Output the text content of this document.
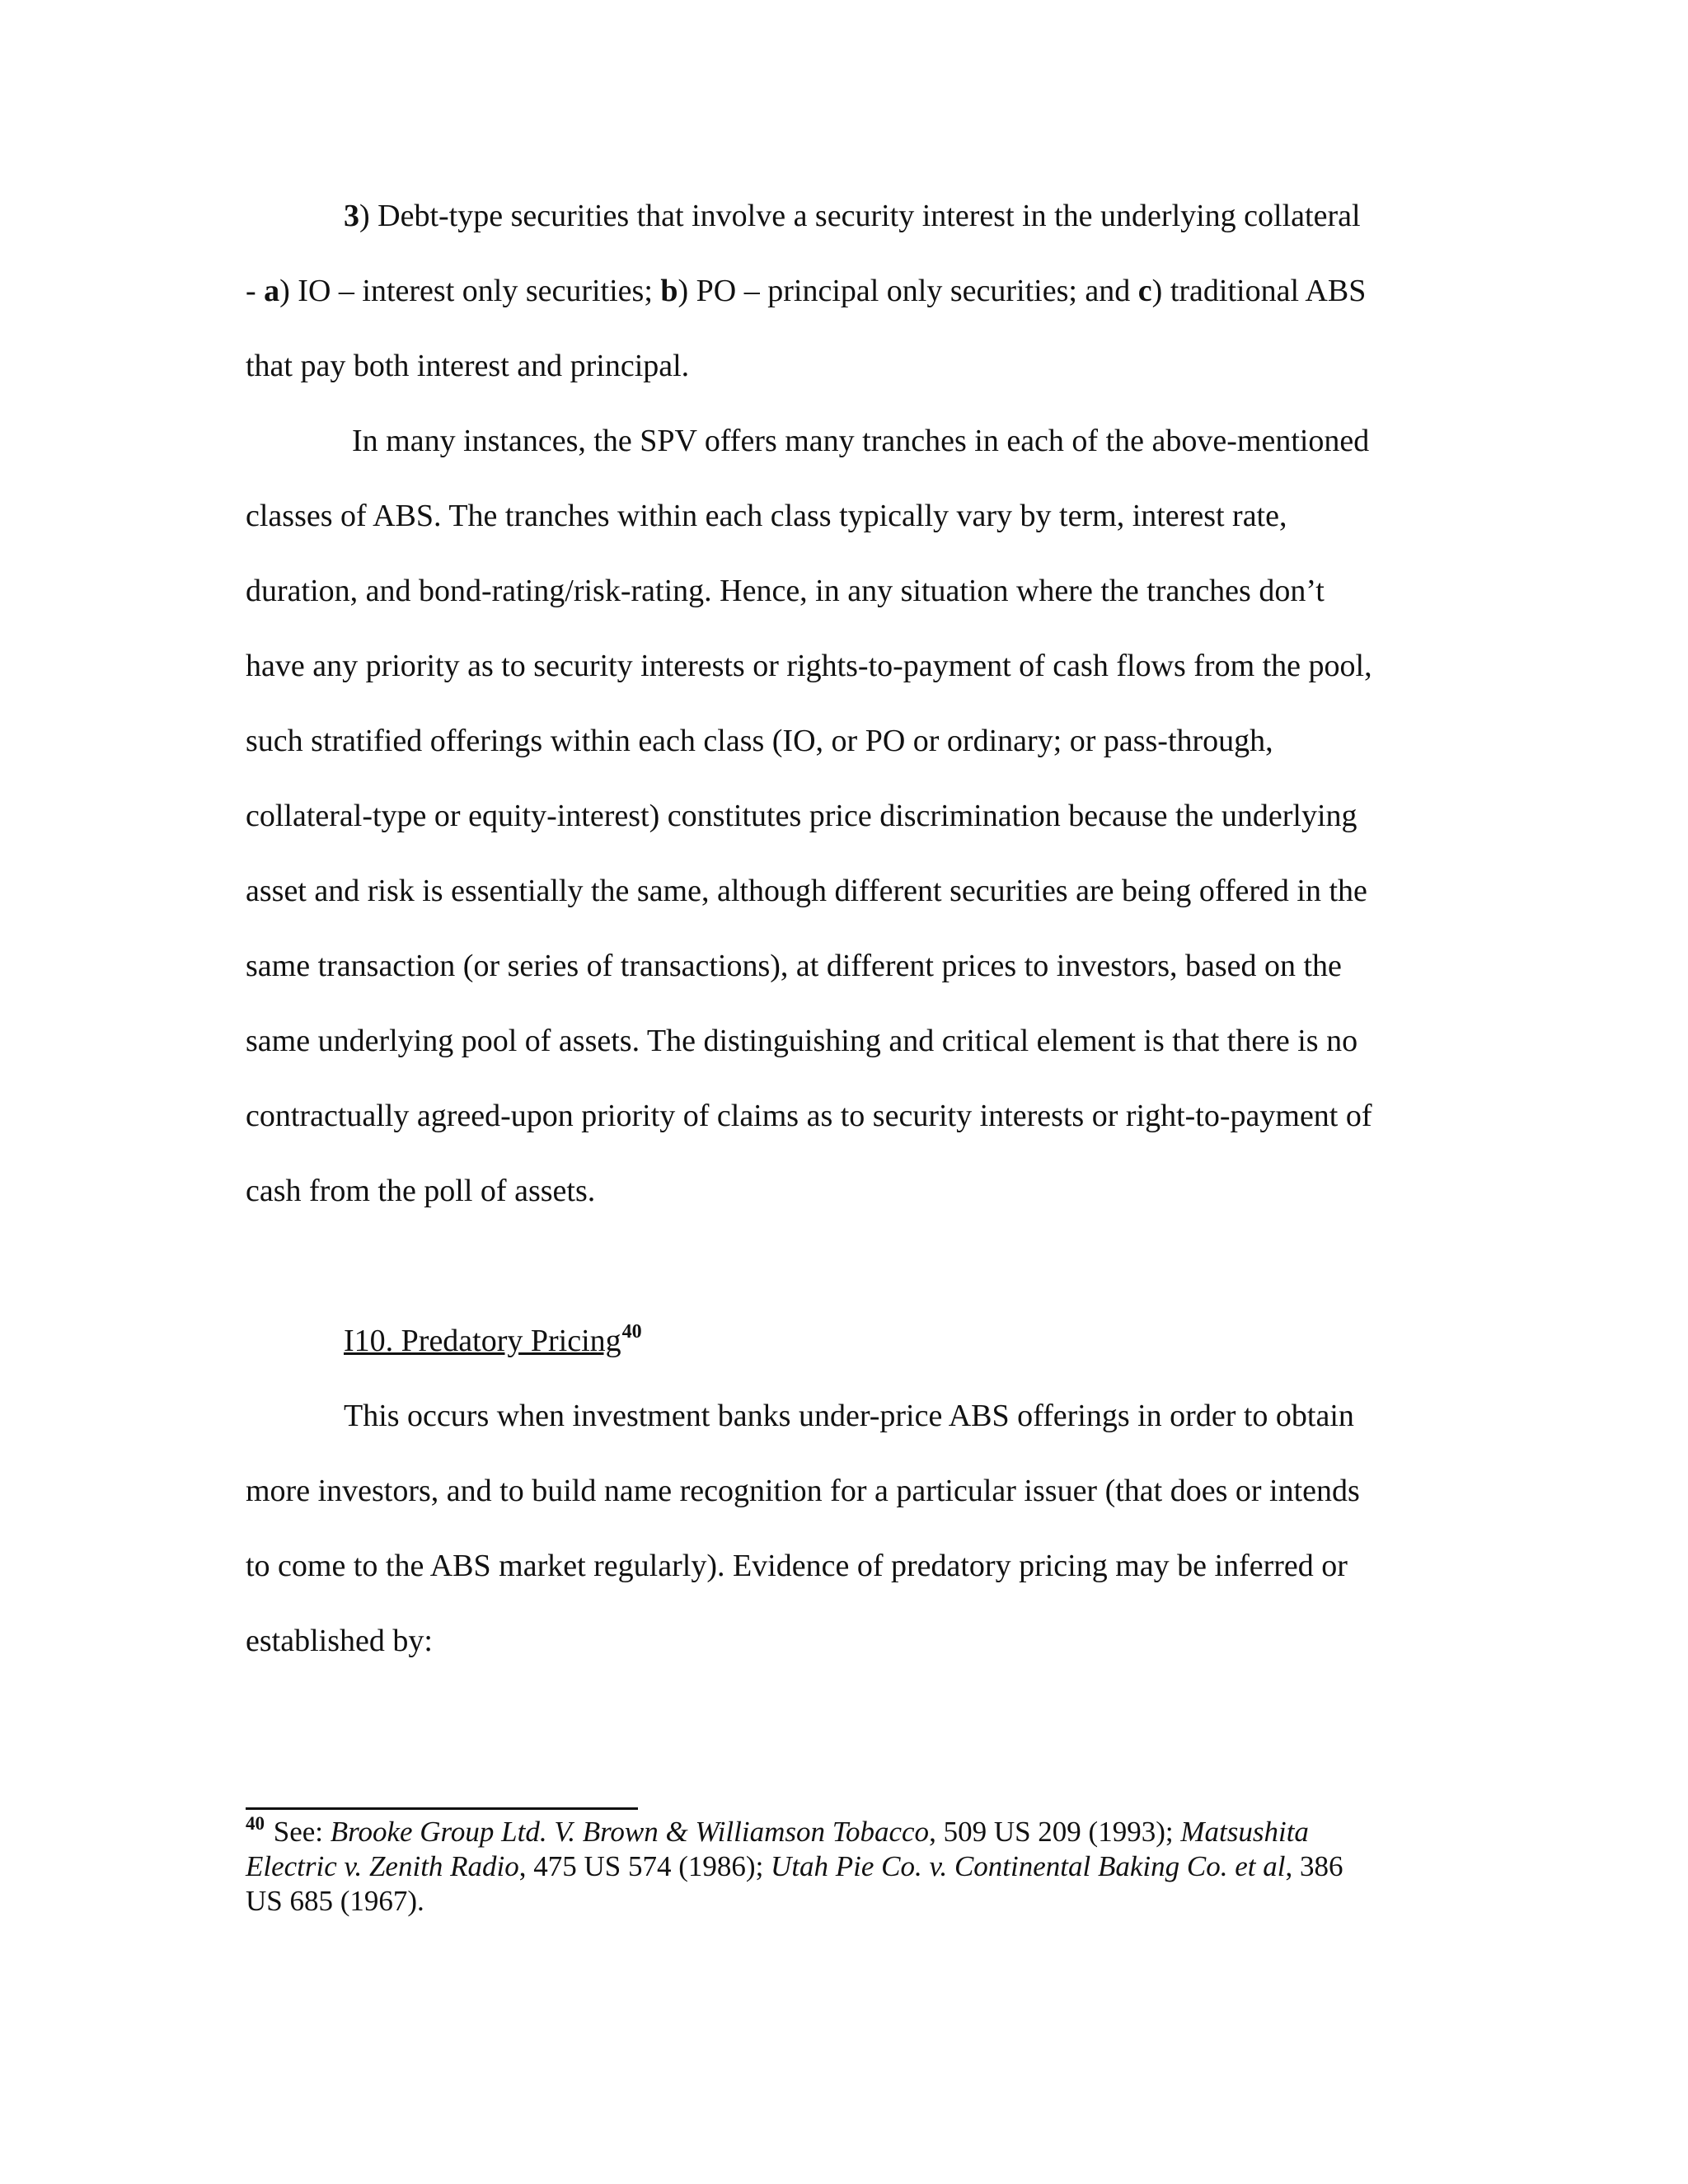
3) Debt-type securities that involve a security interest in the underlying collateral
- a) IO – interest only securities; b) PO – principal only securities; and c) traditional ABS
that pay both interest and principal.
In many instances, the SPV offers many tranches in each of the above-mentioned
classes of ABS. The tranches within each class typically vary by term, interest rate,
duration, and bond-rating/risk-rating. Hence, in any situation where the tranches don’t
have any priority as to security interests or rights-to-payment of cash flows from the pool,
such stratified offerings within each class (IO, or PO or ordinary; or pass-through,
collateral-type or equity-interest) constitutes price discrimination because the underlying
asset and risk is essentially the same, although different securities are being offered in the
same transaction (or series of transactions), at different prices to investors, based on the
same underlying pool of assets. The distinguishing and critical element is that there is no
contractually agreed-upon priority of claims as to security interests or right-to-payment of
cash from the poll of assets.
I10. Predatory Pricing$^{40}$
This occurs when investment banks under-price ABS offerings in order to obtain
more investors, and to build name recognition for a particular issuer (that does or intends
to come to the ABS market regularly). Evidence of predatory pricing may be inferred or
established by:
$^{40}$ See: Brooke Group Ltd. V. Brown & Williamson Tobacco, 509 US 209 (1993); Matsushita
Electric v. Zenith Radio, 475 US 574 (1986); Utah Pie Co. v. Continental Baking Co. et al, 386
US 685 (1967).
